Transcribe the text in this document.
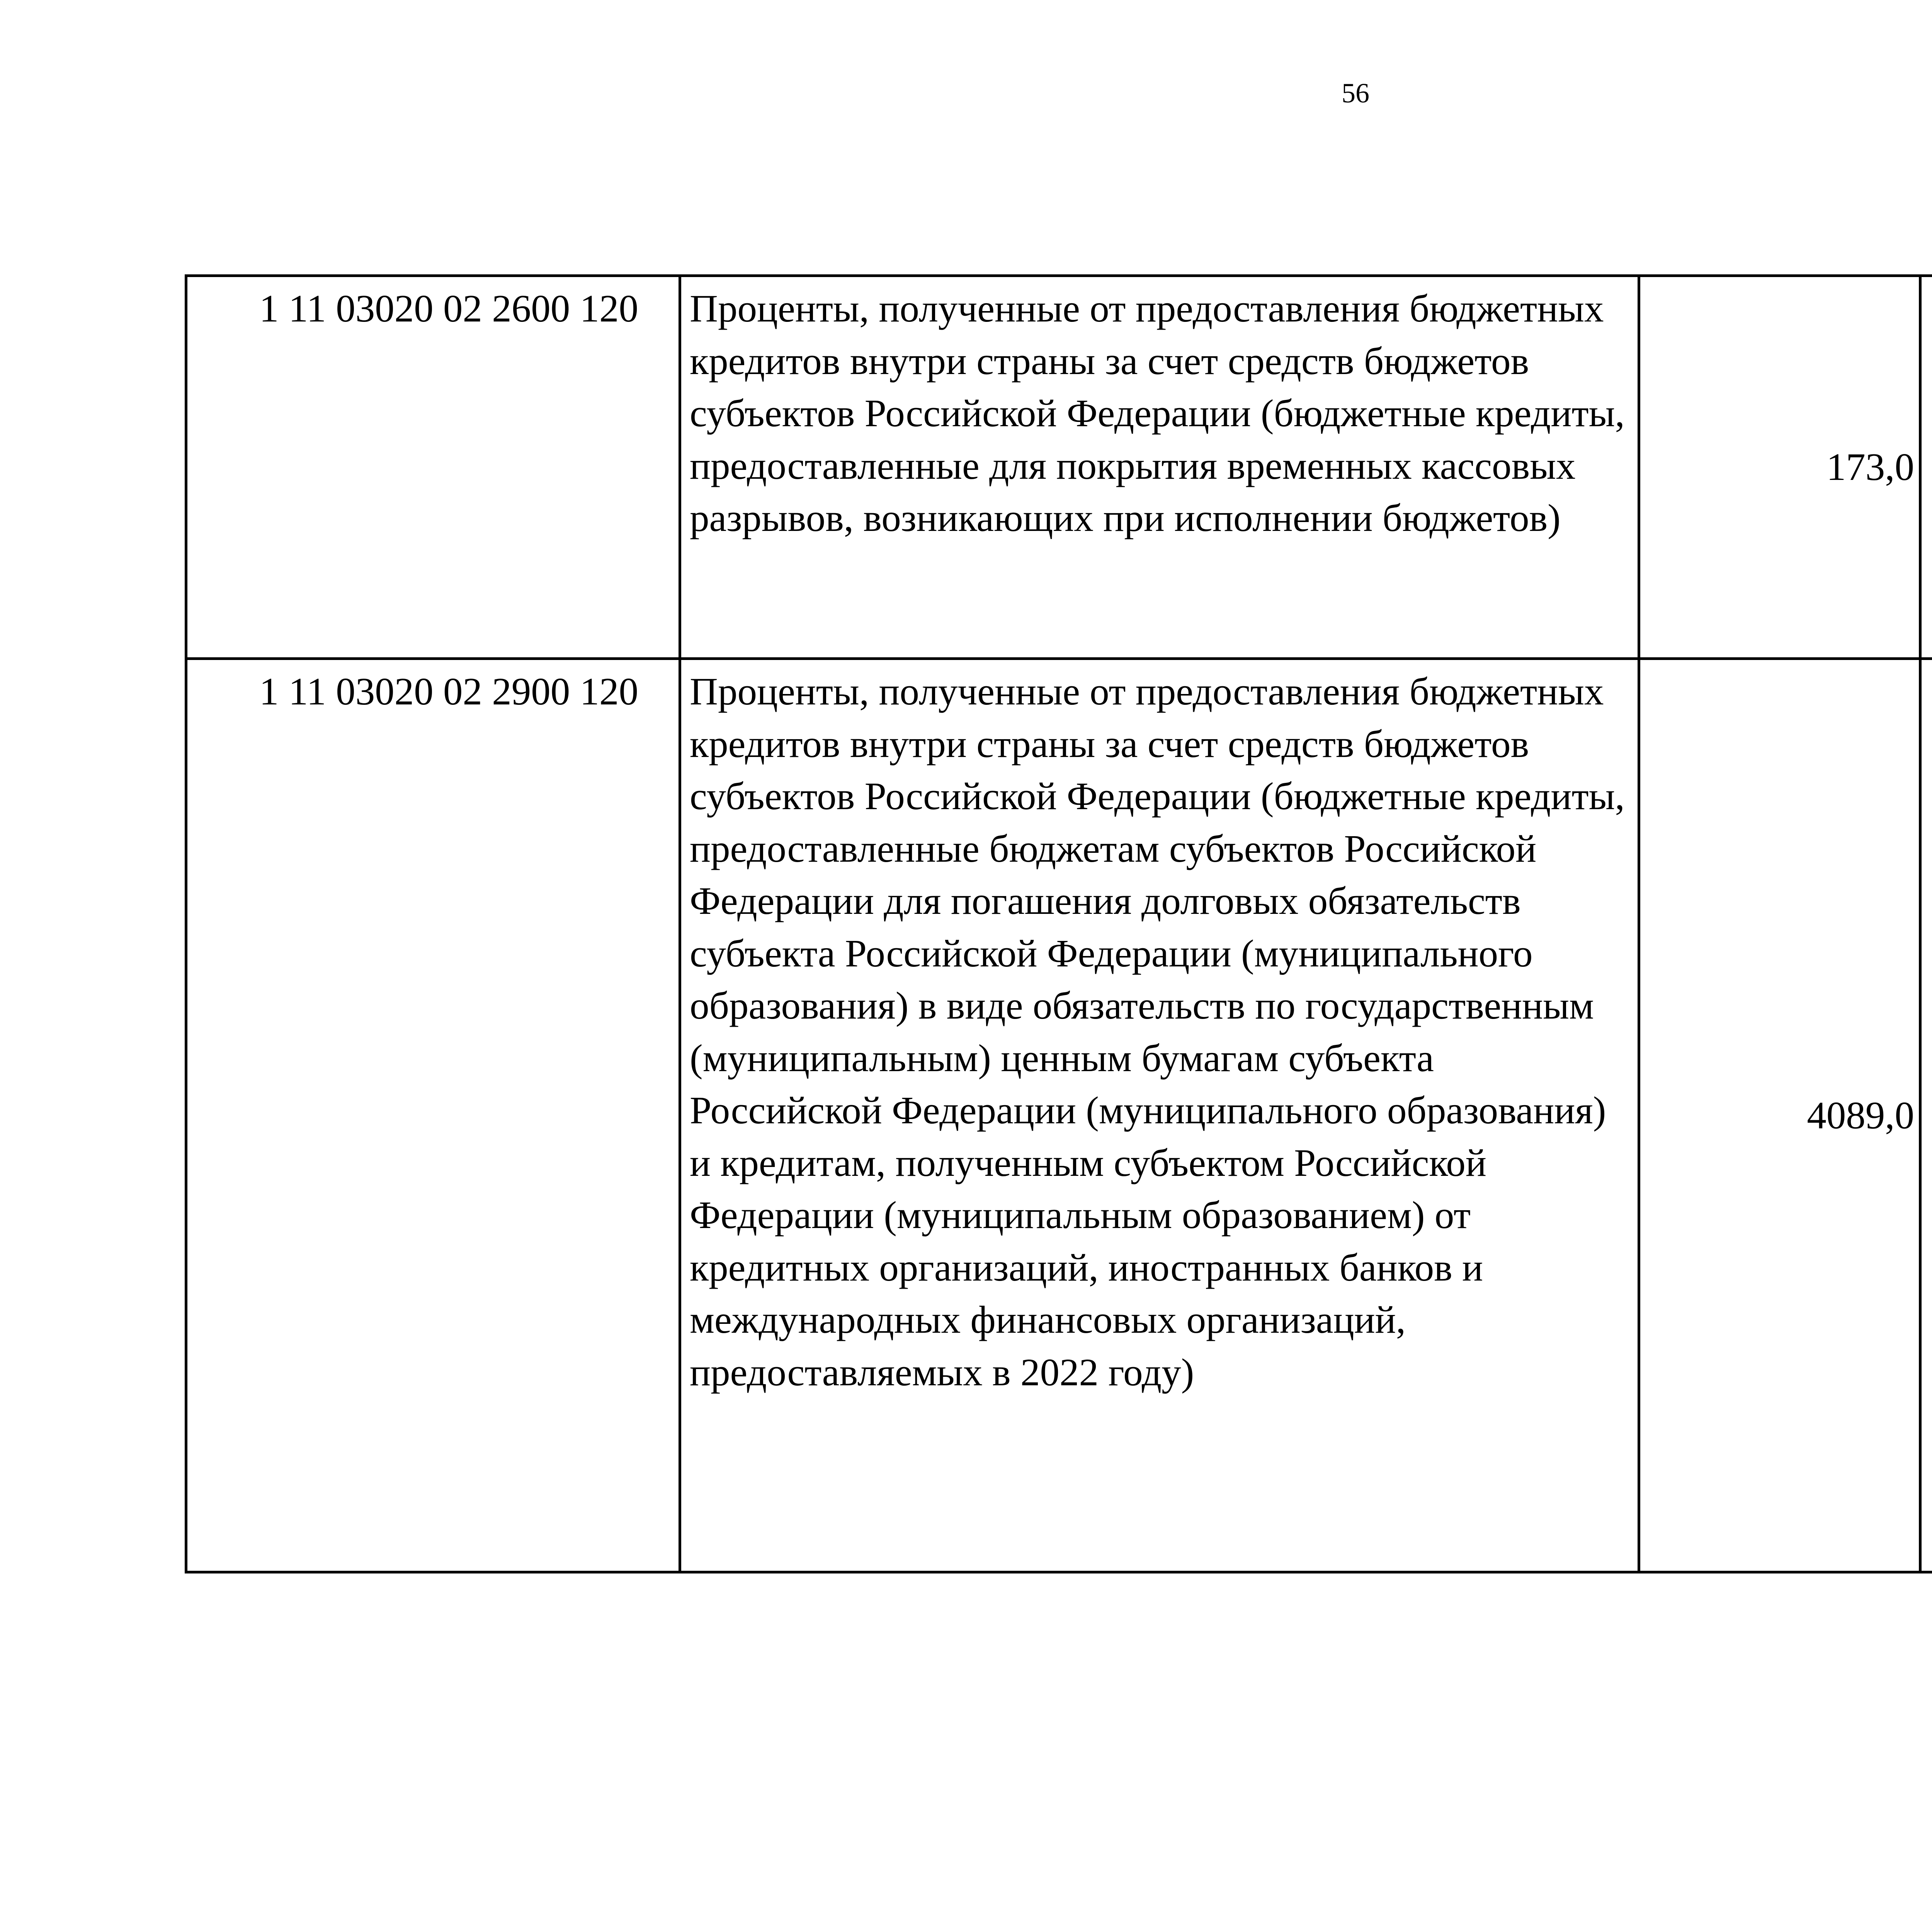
56
1 11 03020 02 2600 120	Проценты, полученные от предоставления бюджетных кредитов внутри страны за счет средств бюджетов субъектов Российской Федерации (бюджетные кредиты, предоставленные для покрытия временных кассовых разрывов, возникающих при исполнении бюджетов)	173,0

1 11 03020 02 2900 120	Проценты, полученные от предоставления бюджетных кредитов внутри страны за счет средств бюджетов субъектов Российской Федерации (бюджетные кредиты, предоставленные бюджетам субъектов Российской Федерации для погашения долговых обязательств субъекта Российской Федерации (муниципального образования) в виде обязательств по государственным (муниципальным) ценным бумагам субъекта Российской Федерации (муниципального образования) и кредитам, полученным субъектом Российской Федерации (муниципальным образованием) от кредитных организаций, иностранных банков и международных финансовых организаций, предоставляемых в 2022 году)	4089,0
